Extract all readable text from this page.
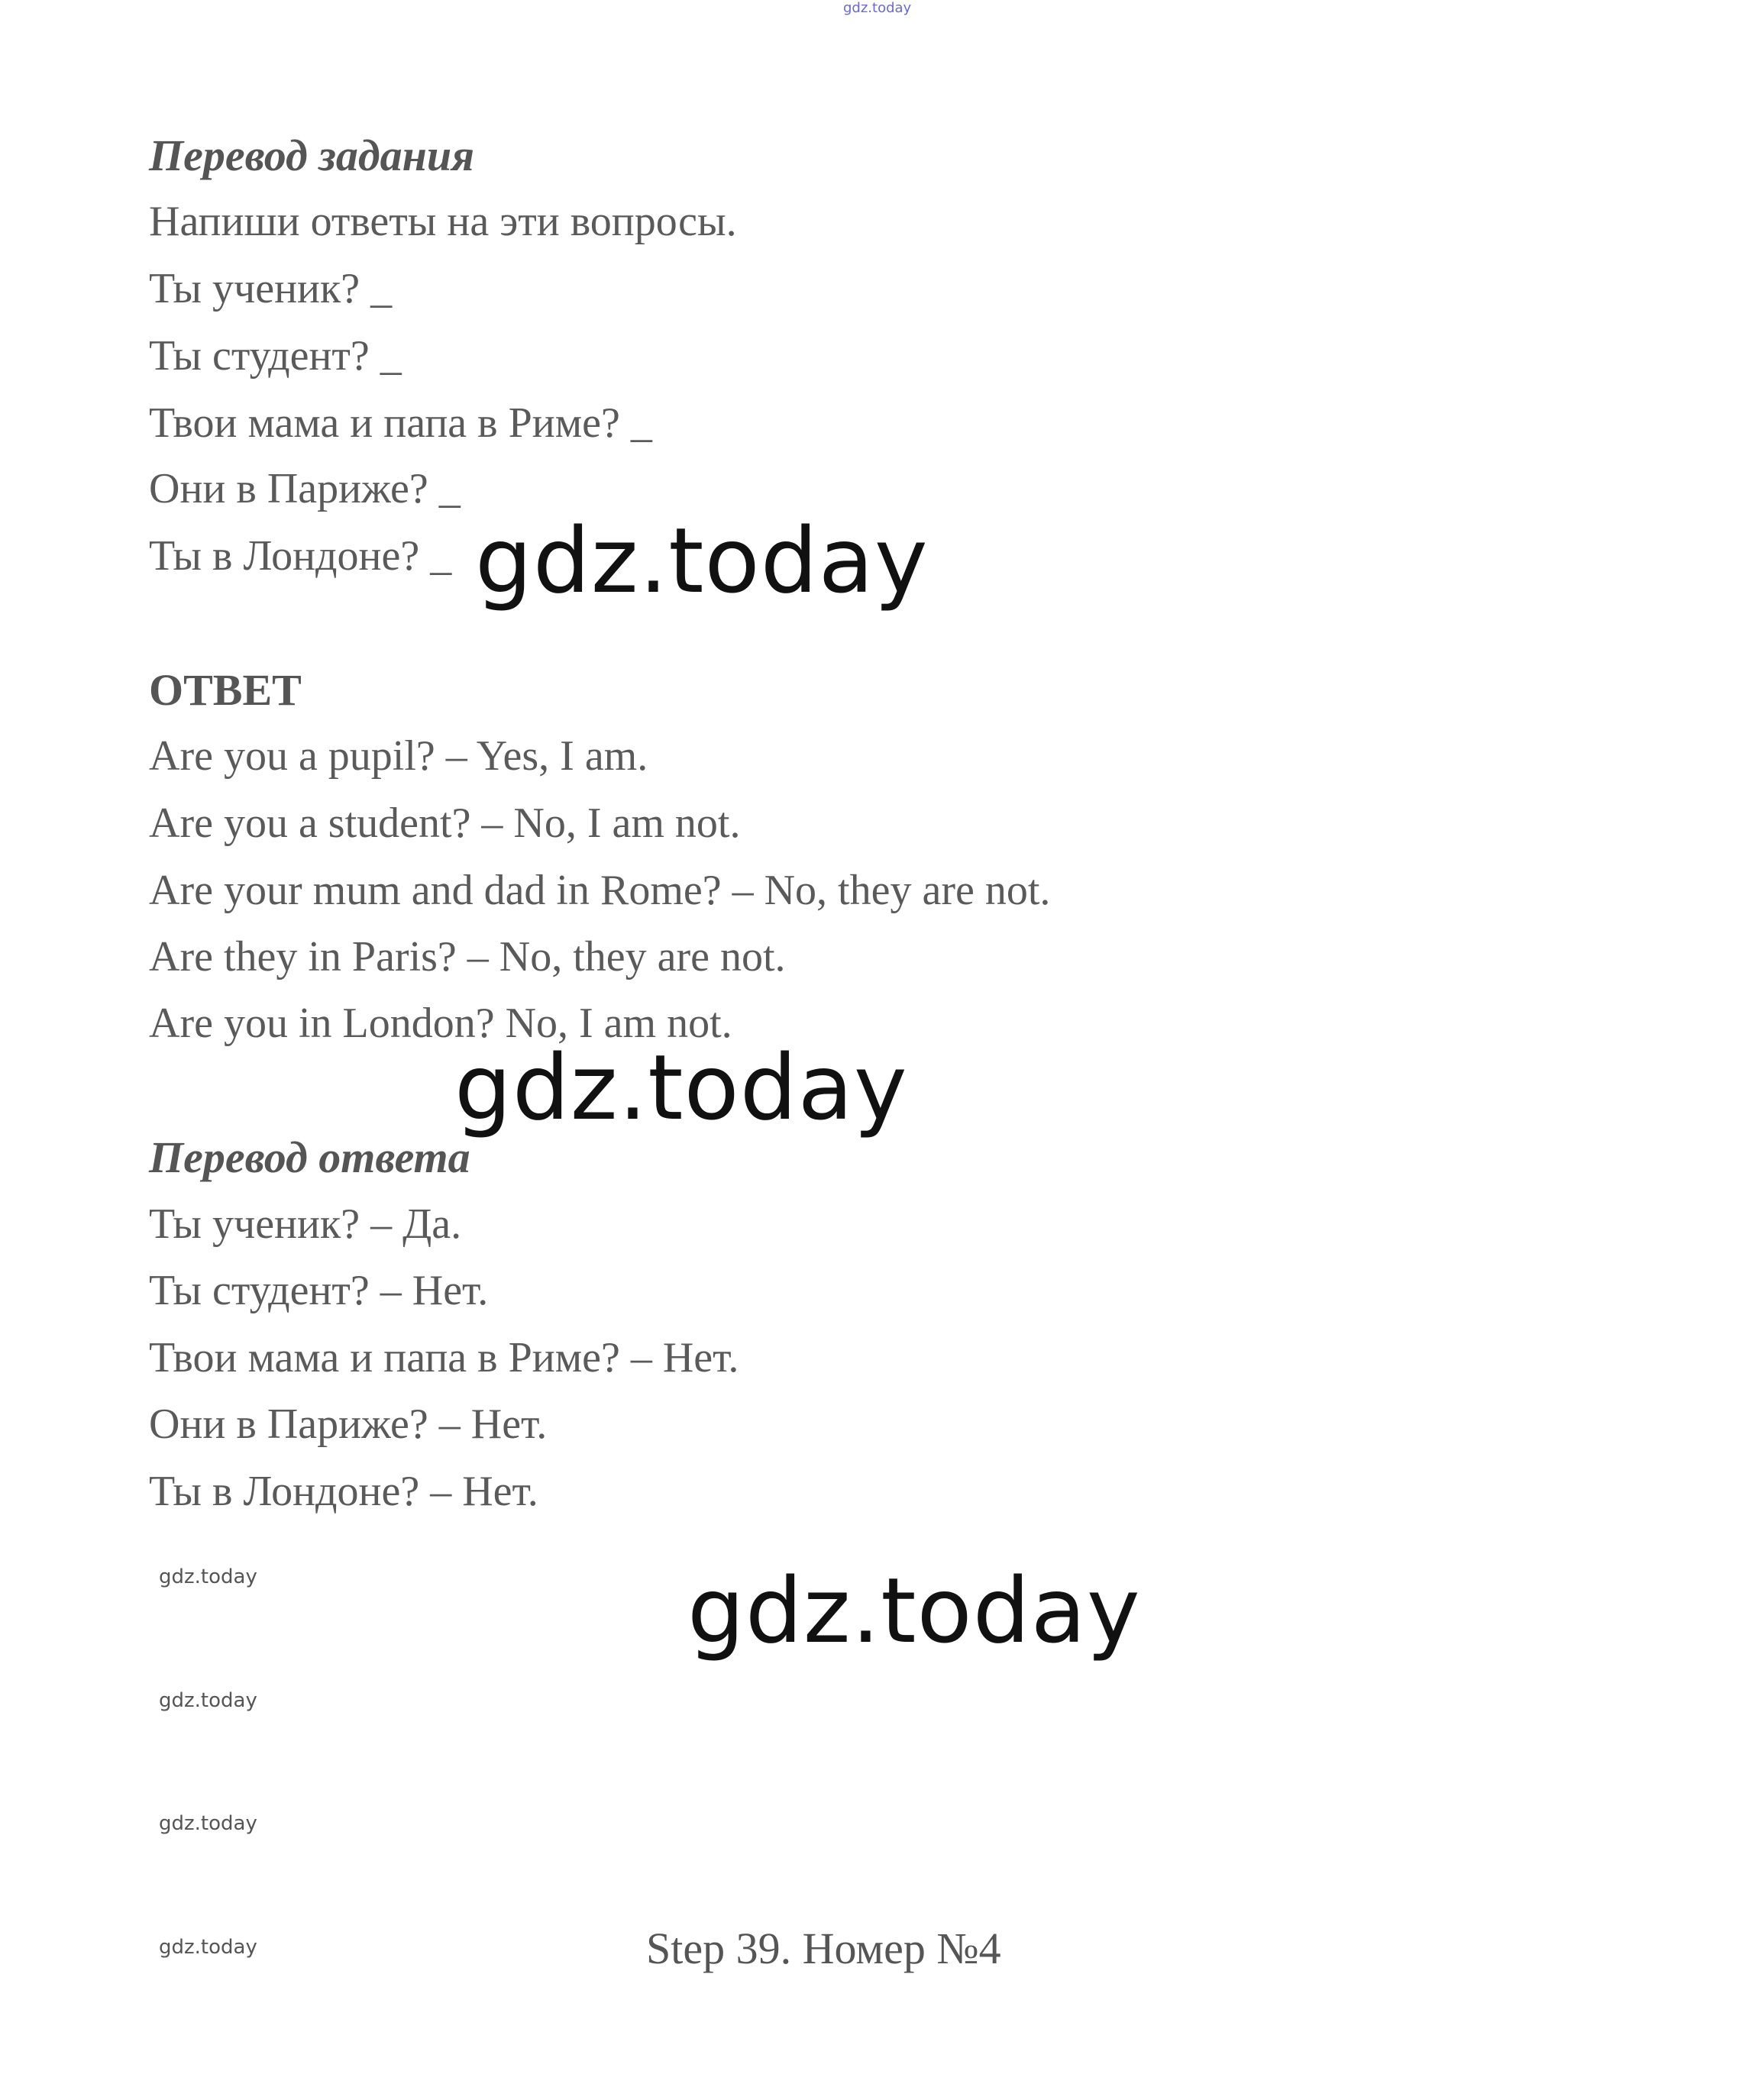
gdz.today
Перевод задания
Напиши ответы на эти вопросы.
Ты ученик? _
Ты студент? _
Твои мама и папа в Риме? _
Они в Париже? _
Ты в Лондоне? _ gdz.today
ОТВЕТ
Are you a pupil? – Yes, I am.
Are you a student? – No, I am not.
Are your mum and dad in Rome? – No, they are not.
Are they in Paris? – No, they are not.
Are you in London? No, I am not.
gdz.today
Перевод ответа
Ты ученик? – Да.
Ты студент? – Нет.
Твои мама и папа в Риме? – Нет.
Они в Париже? – Нет.
Ты в Лондоне? – Нет.
gdz.today
gdz.today
gdz.today
gdz.today
gdz.today
Step 39. Номер №4
